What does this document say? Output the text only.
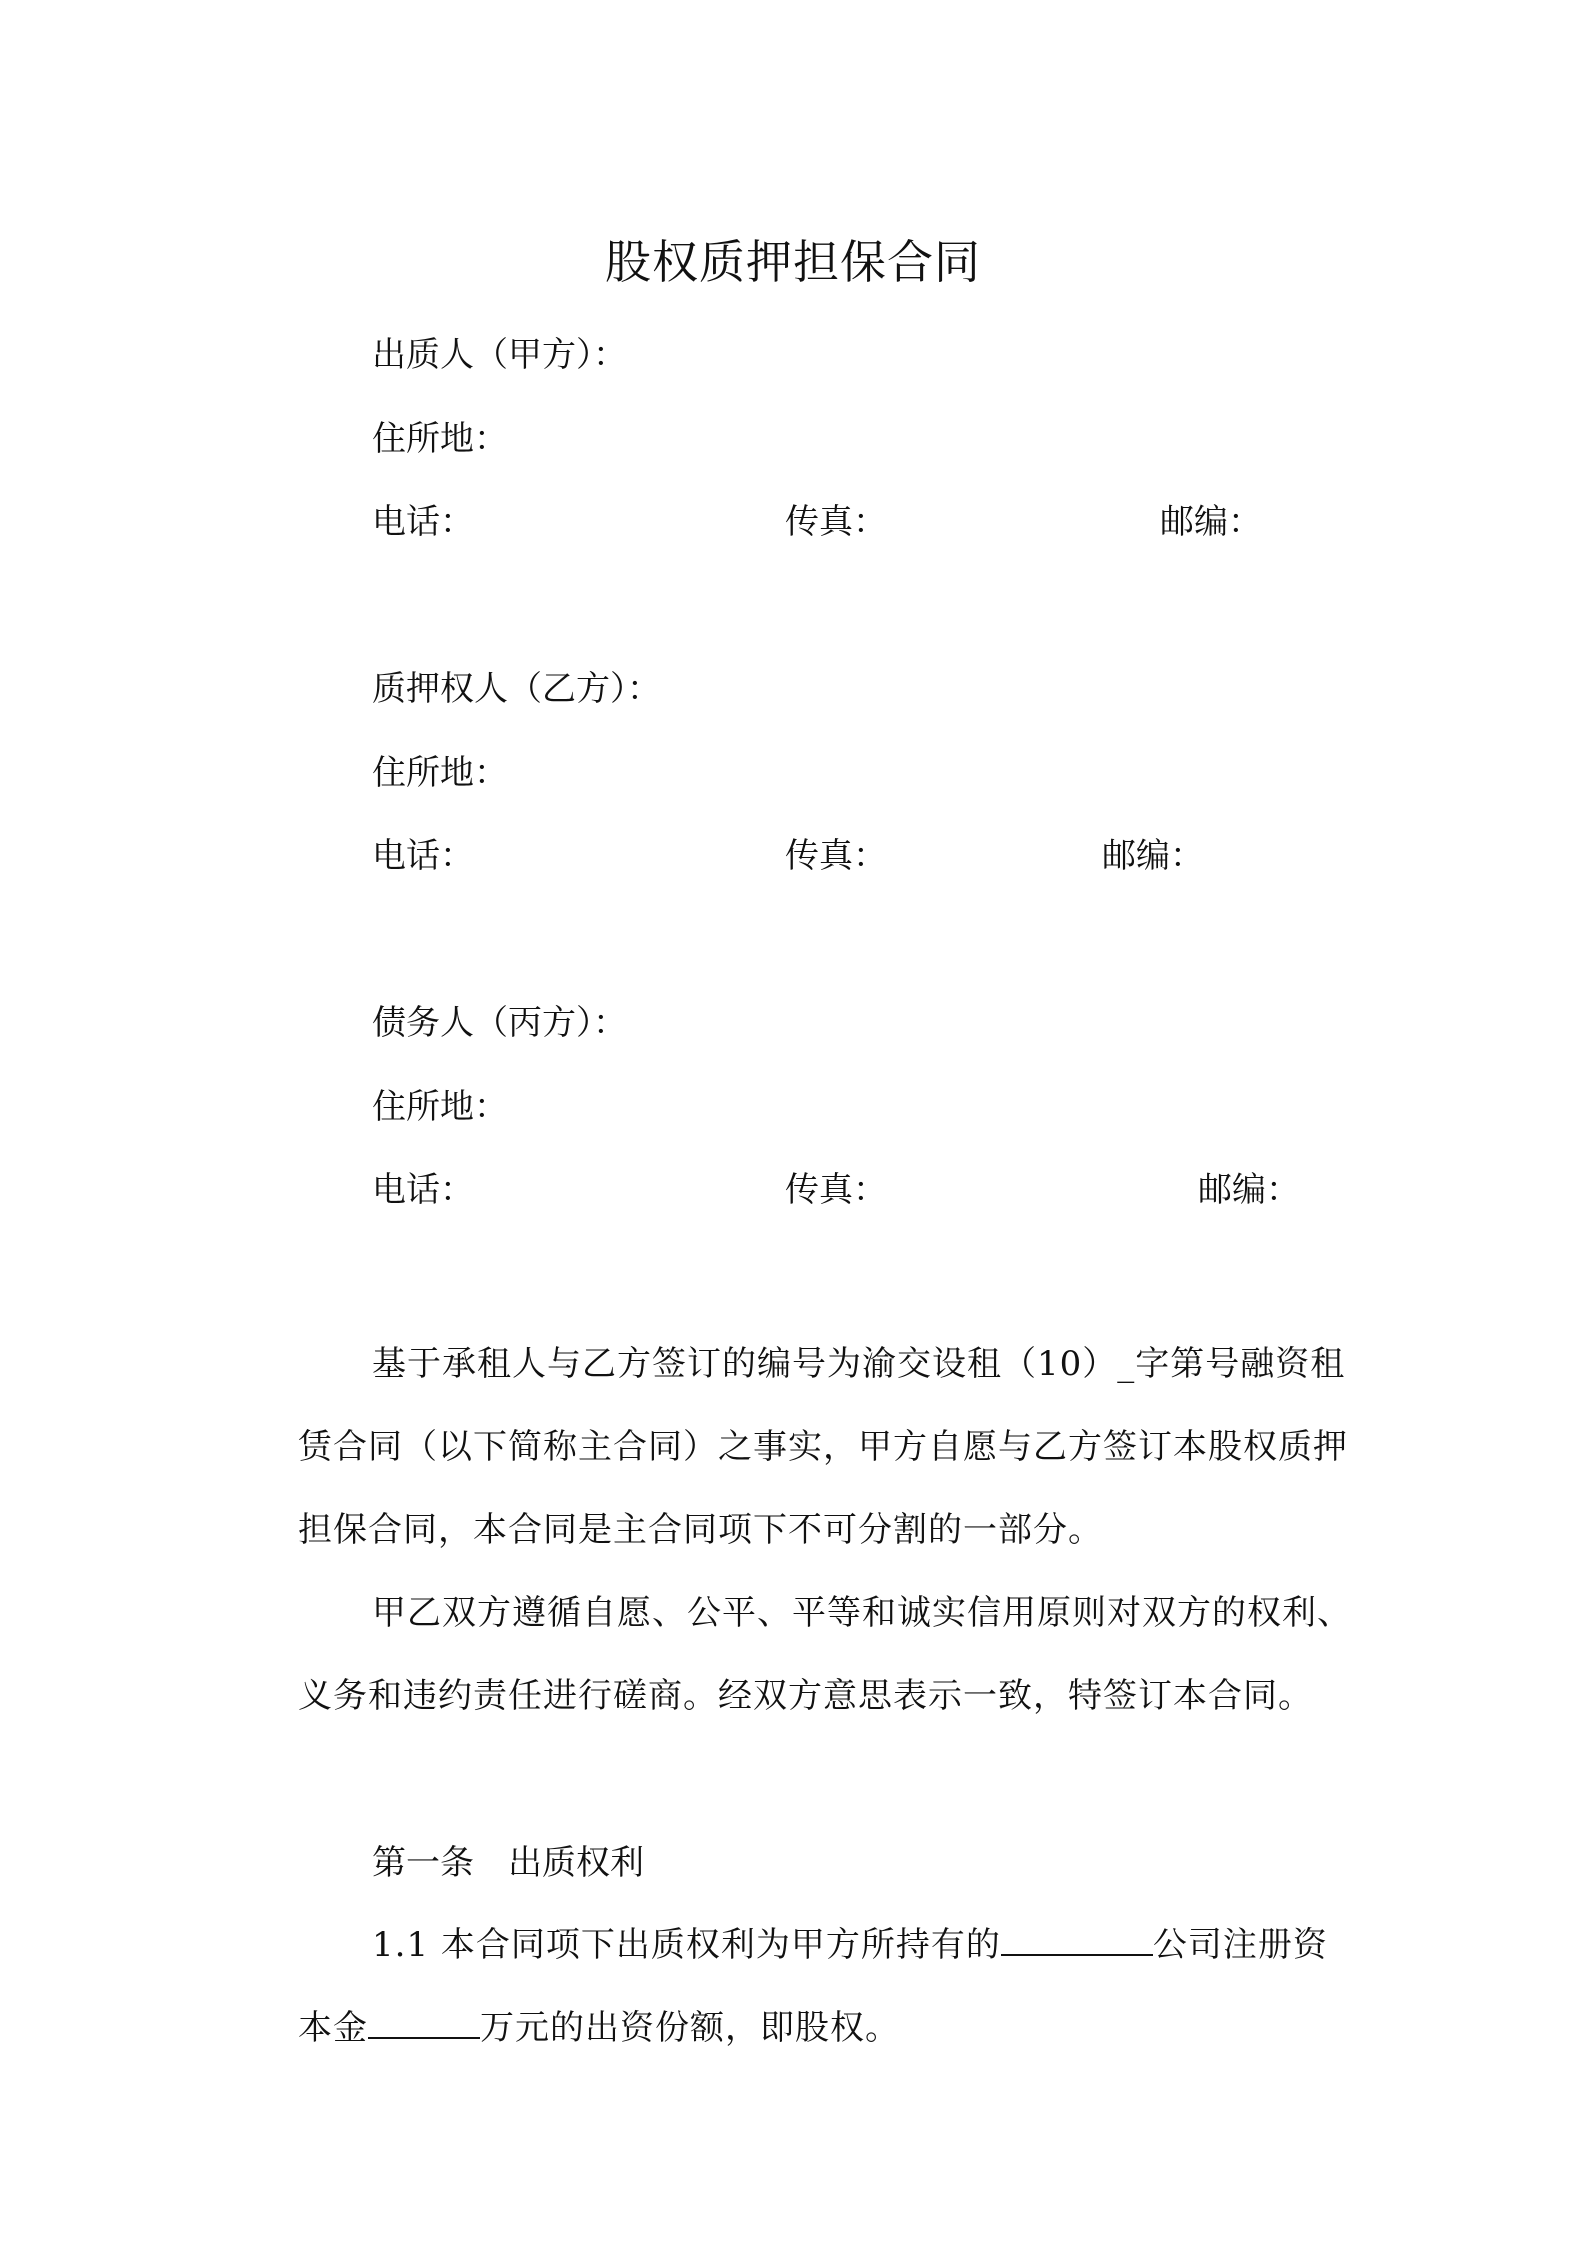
股权质押担保合同
出质人（甲方）：
住所地：
电话：	传真：	邮编：
质押权人（乙方）：
住所地：
电话：	传真：	邮编：
债务人（丙方）：
住所地：
电话：	传真：	邮编：
基于承租人与乙方签订的编号为渝交设租（10）_字第号融资租赁合同（以下简称主合同）之事实，甲方自愿与乙方签订本股权质押担保合同，本合同是主合同项下不可分割的一部分。
甲乙双方遵循自愿、公平、平等和诚实信用原则对双方的权利、义务和违约责任进行磋商。经双方意思表示一致，特签订本合同。
第一条　出质权利
1.1 本合同项下出质权利为甲方所持有的	公司注册资本金	万元的出资份额，即股权。
